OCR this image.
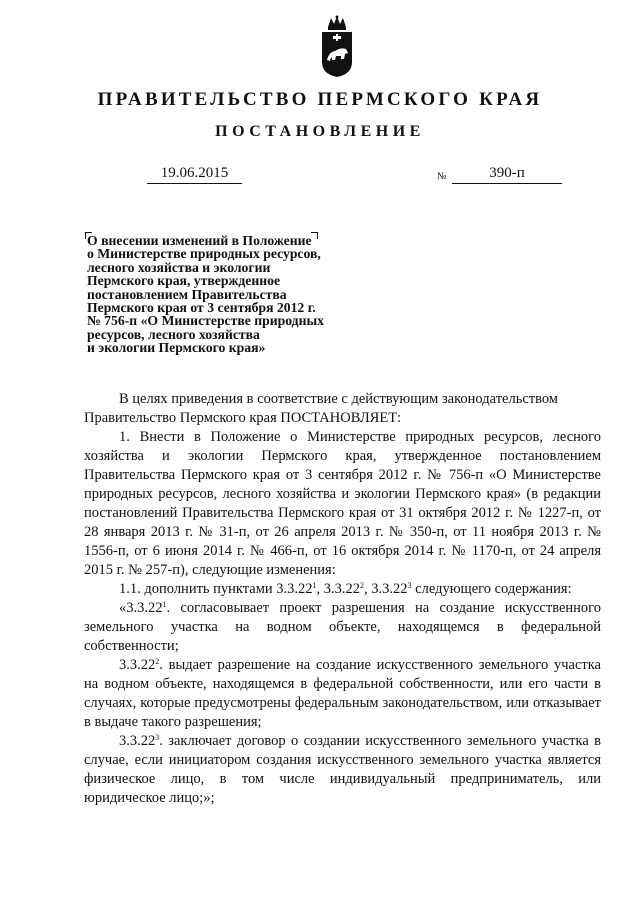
ПРАВИТЕЛЬСТВО ПЕРМСКОГО КРАЯ
ПОСТАНОВЛЕНИЕ
19.06.2015	№	390-п
О внесении изменений в Положение
о Министерстве природных ресурсов,
лесного хозяйства и экологии
Пермского края, утвержденное
постановлением Правительства
Пермского края от 3 сентября 2012 г.
№ 756-п «О Министерстве природных
ресурсов, лесного хозяйства
и экологии Пермского края»

В целях приведения в соответствие с действующим законодательством

Правительство Пермского края ПОСТАНОВЛЯЕТ:

1. Внести в Положение о Министерстве природных ресурсов, лесного хозяйства и экологии Пермского края, утвержденное постановлением Правительства Пермского края от 3 сентября 2012 г. № 756-п «О Министерстве природных ресурсов, лесного хозяйства и экологии Пермского края» (в редакции постановлений Правительства Пермского края от 31 октября 2012 г. № 1227-п, от 28 января 2013 г. № 31-п, от 26 апреля 2013 г. № 350-п, от 11 ноября 2013 г. № 1556-п, от 6 июня 2014 г. № 466-п, от 16 октября 2014 г. № 1170-п, от 24 апреля 2015 г. № 257-п), следующие изменения:

1.1. дополнить пунктами 3.3.22$^1$, 3.3.22$^2$, 3.3.22$^3$ следующего содержания:

«3.3.22$^1$. согласовывает проект разрешения на создание искусственного земельного участка на водном объекте, находящемся в федеральной собственности;

3.3.22$^2$. выдает разрешение на создание искусственного земельного участка на водном объекте, находящемся в федеральной собственности, или его части в случаях, которые предусмотрены федеральным законодательством, или отказывает в выдаче такого разрешения;

3.3.22$^3$. заключает договор о создании искусственного земельного участка в случае, если инициатором создания искусственного земельного участка является физическое лицо, в том числе индивидуальный предприниматель, или юридическое лицо;»;
